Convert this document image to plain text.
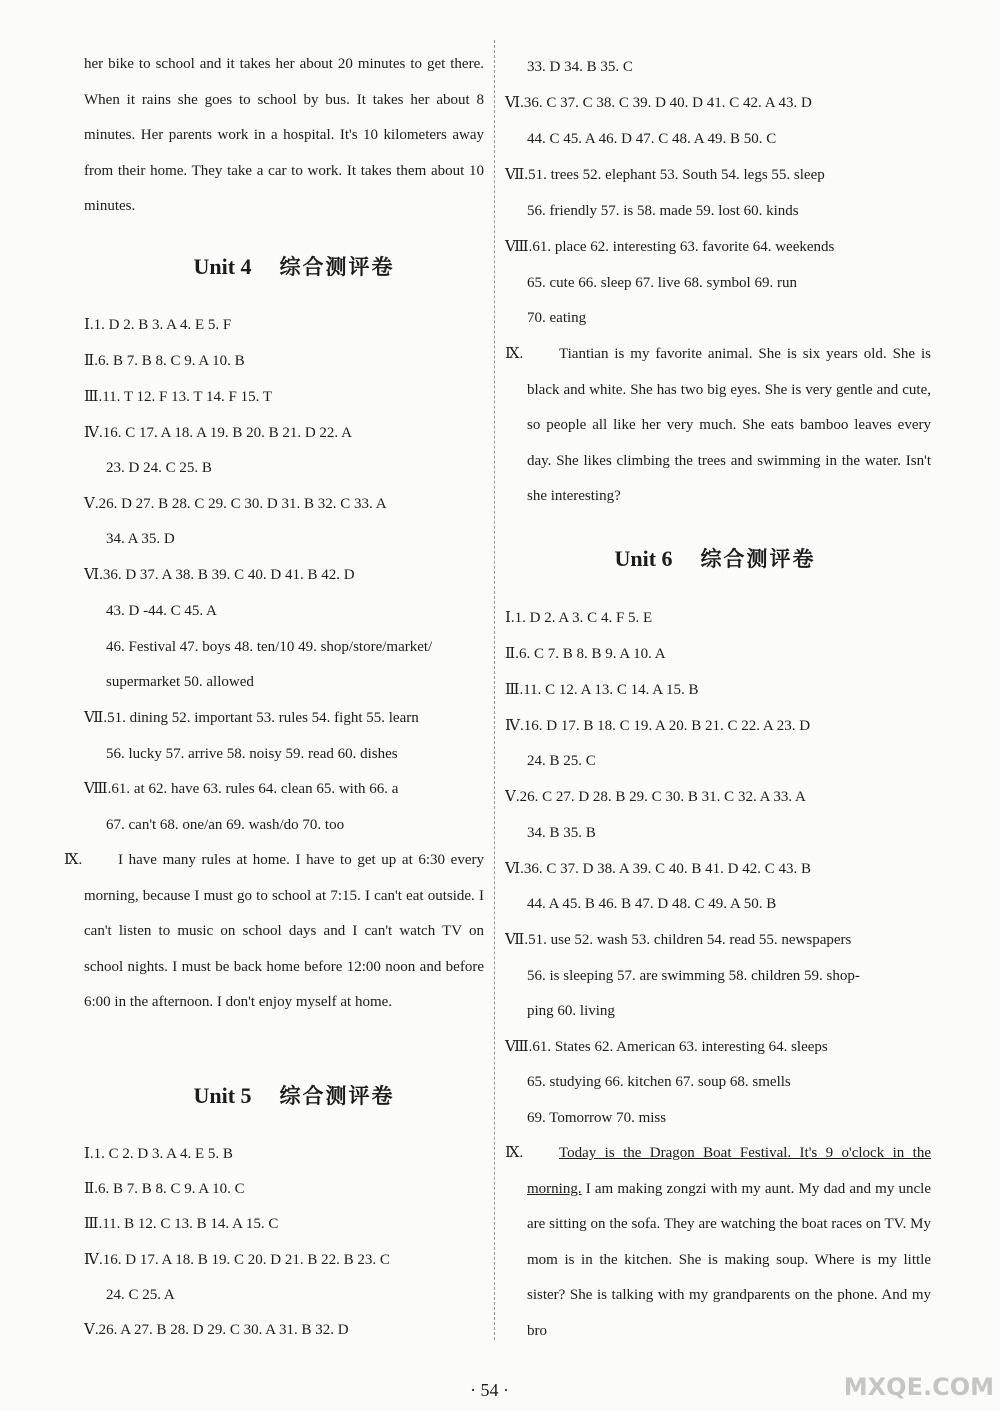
her bike to school and it takes her about 20 minutes to get there. When it rains she goes to school by bus. It takes her about 8 minutes. Her parents work in a hospital. It's 10 kilometers away from their home. They take a car to work. It takes them about 10 minutes.

Unit 4 综合测评卷
Ⅰ.1. D 2. B 3. A 4. E 5. F
Ⅱ.6. B 7. B 8. C 9. A 10. B
Ⅲ.11. T 12. F 13. T 14. F 15. T
Ⅳ.16. C 17. A 18. A 19. B 20. B 21. D 22. A
23. D 24. C 25. B
Ⅴ.26. D 27. B 28. C 29. C 30. D 31. B 32. C 33. A
34. A 35. D
Ⅵ.36. D 37. A 38. B 39. C 40. D 41. B 42. D
43. D -44. C 45. A
46. Festival 47. boys 48. ten/10 49. shop/store/market/
supermarket 50. allowed
Ⅶ.51. dining 52. important 53. rules 54. fight 55. learn
56. lucky 57. arrive 58. noisy 59. read 60. dishes
Ⅷ.61. at 62. have 63. rules 64. clean 65. with 66. a
67. can't 68. one/an 69. wash/do 70. too
Ⅸ.	I have many rules at home. I have to get up at 6:30 every morning, because I must go to school at 7:15. I can't eat outside. I can't listen to music on school days and I can't watch TV on school nights. I must be back home before 12:00 noon and before 6:00 in the afternoon. I don't enjoy myself at home.

Unit 5 综合测评卷
Ⅰ.1. C 2. D 3. A 4. E 5. B
Ⅱ.6. B 7. B 8. C 9. A 10. C
Ⅲ.11. B 12. C 13. B 14. A 15. C
Ⅳ.16. D 17. A 18. B 19. C 20. D 21. B 22. B 23. C
24. C 25. A
Ⅴ.26. A 27. B 28. D 29. C 30. A 31. B 32. D
33. D 34. B 35. C
Ⅵ.36. C 37. C 38. C 39. D 40. D 41. C 42. A 43. D
44. C 45. A 46. D 47. C 48. A 49. B 50. C
Ⅶ.51. trees 52. elephant 53. South 54. legs 55. sleep
56. friendly 57. is 58. made 59. lost 60. kinds
Ⅷ.61. place 62. interesting 63. favorite 64. weekends
65. cute 66. sleep 67. live 68. symbol 69. run
70. eating
Ⅸ.	Tiantian is my favorite animal. She is six years old. She is black and white. She has two big eyes. She is very gentle and cute, so people all like her very much. She eats bamboo leaves every day. She likes climbing the trees and swimming in the water. Isn't she interesting?

Unit 6 综合测评卷
Ⅰ.1. D 2. A 3. C 4. F 5. E
Ⅱ.6. C 7. B 8. B 9. A 10. A
Ⅲ.11. C 12. A 13. C 14. A 15. B
Ⅳ.16. D 17. B 18. C 19. A 20. B 21. C 22. A 23. D
24. B 25. C
Ⅴ.26. C 27. D 28. B 29. C 30. B 31. C 32. A 33. A
34. B 35. B
Ⅵ.36. C 37. D 38. A 39. C 40. B 41. D 42. C 43. B
44. A 45. B 46. B 47. D 48. C 49. A 50. B
Ⅶ.51. use 52. wash 53. children 54. read 55. newspapers
56. is sleeping 57. are swimming 58. children 59. shop-
ping 60. living
Ⅷ.61. States 62. American 63. interesting 64. sleeps
65. studying 66. kitchen 67. soup 68. smells
69. Tomorrow 70. miss
Ⅸ.	Today is the Dragon Boat Festival. It's 9 o'clock in the morning. I am making zongzi with my aunt. My dad and my uncle are sitting on the sofa. They are watching the boat races on TV. My mom is in the kitchen. She is making soup. Where is my little sister? She is talking with my grandparents on the phone. And my bro

· 54 ·	MXQE.COM
